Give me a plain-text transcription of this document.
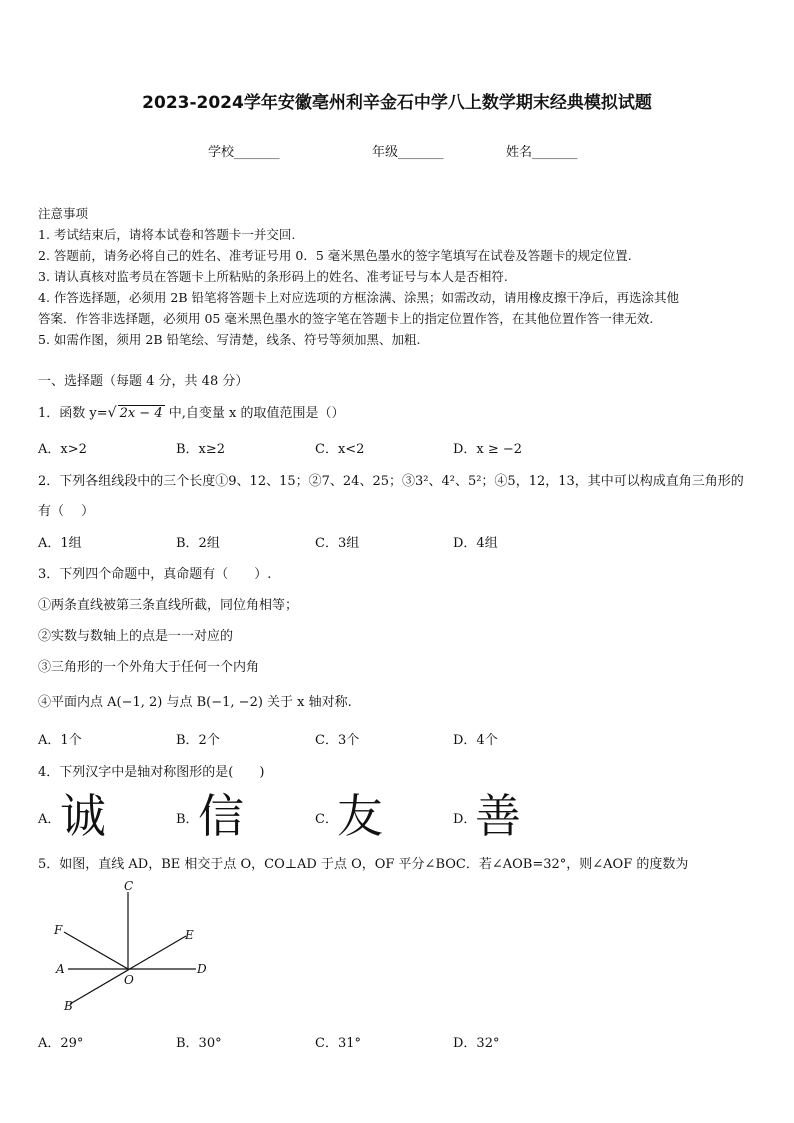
2023-2024学年安徽亳州利辛金石中学八上数学期末经典模拟试题
学校_______	年级_______	姓名_______
注意事项
1. 考试结束后，请将本试卷和答题卡一并交回.
2. 答题前，请务必将自己的姓名、准考证号用 0．5 毫米黑色墨水的签字笔填写在试卷及答题卡的规定位置.
3. 请认真核对监考员在答题卡上所粘贴的条形码上的姓名、准考证号与本人是否相符.
4. 作答选择题，必须用 2B 铅笔将答题卡上对应选项的方框涂满、涂黑；如需改动，请用橡皮擦干净后，再选涂其他
答案．作答非选择题，必须用 05 毫米黑色墨水的签字笔在答题卡上的指定位置作答，在其他位置作答一律无效.
5. 如需作图，须用 2B 铅笔绘、写清楚，线条、符号等须加黑、加粗.
一、选择题（每题 4 分，共 48 分）
1．函数 y=√ 2x − 4 中,自变量 x 的取值范围是（）
A．x>2	B．x≥2	C．x<2	D．x ≥ −2
2．下列各组线段中的三个长度①9、12、15；②7、24、25；③3²、4²、5²；④5，12，13，其中可以构成直角三角形的
有（　 ）
A．1组	B．2组	C．3组	D．4组
3．下列四个命题中，真命题有（　　）.
①两条直线被第三条直线所截，同位角相等；
②实数与数轴上的点是一一对应的
③三角形的一个外角大于任何一个内角
④平面内点 A(−1, 2) 与点 B(−1, −2) 关于 x 轴对称.
A．1个	B．2个	C．3个	D．4个
4．下列汉字中是轴对称图形的是(　　)
A． 诚	B． 信	C． 友	D．
善
5．如图，直线 AD，BE 相交于点 O，CO⊥AD 于点 O，OF 平分∠BOC．若∠AOB=32°，则∠AOF 的度数为
C
F	E
A	D
O
B
A．29°	B．30°	C．31°	D．32°
